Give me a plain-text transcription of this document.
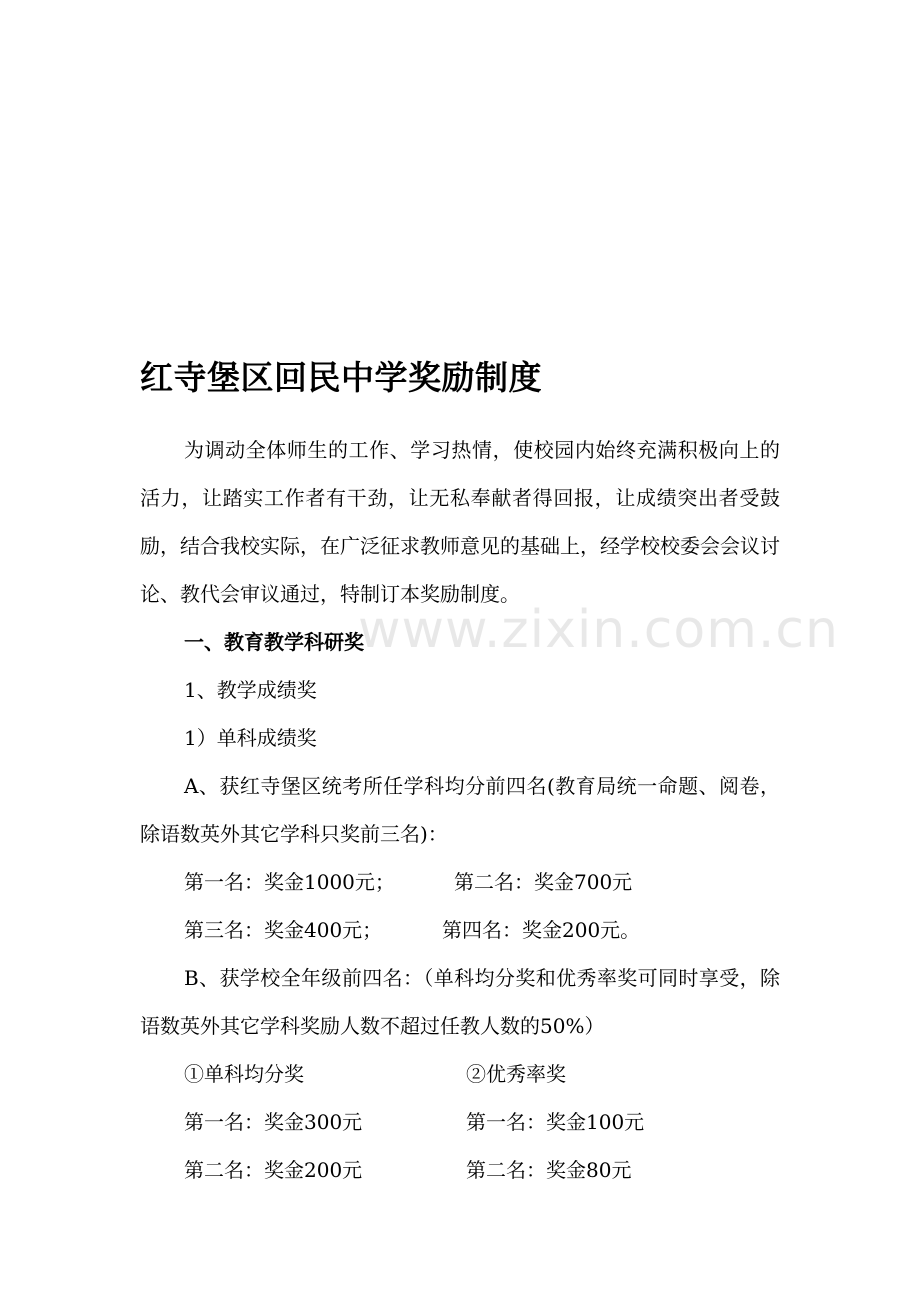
红寺堡区回民中学奖励制度
为调动全体师生的工作、学习热情，使校园内始终充满积极向上的活力，让踏实工作者有干劲，让无私奉献者得回报，让成绩突出者受鼓励，结合我校实际，在广泛征求教师意见的基础上，经学校校委会会议讨论、教代会审议通过，特制订本奖励制度。
一、教育教学科研奖
1、教学成绩奖
1）单科成绩奖
A、获红寺堡区统考所任学科均分前四名(教育局统一命题、阅卷，除语数英外其它学科只奖前三名)：
第一名：奖金1000元；	第二名：奖金700元
第三名：奖金400元；	第四名：奖金200元。
B、获学校全年级前四名：（单科均分奖和优秀率奖可同时享受，除语数英外其它学科奖励人数不超过任教人数的50%）
①单科均分奖	②优秀率奖
第一名：奖金300元	第一名：奖金100元
第二名：奖金200元	第二名：奖金80元
www.zixin.com.cn
